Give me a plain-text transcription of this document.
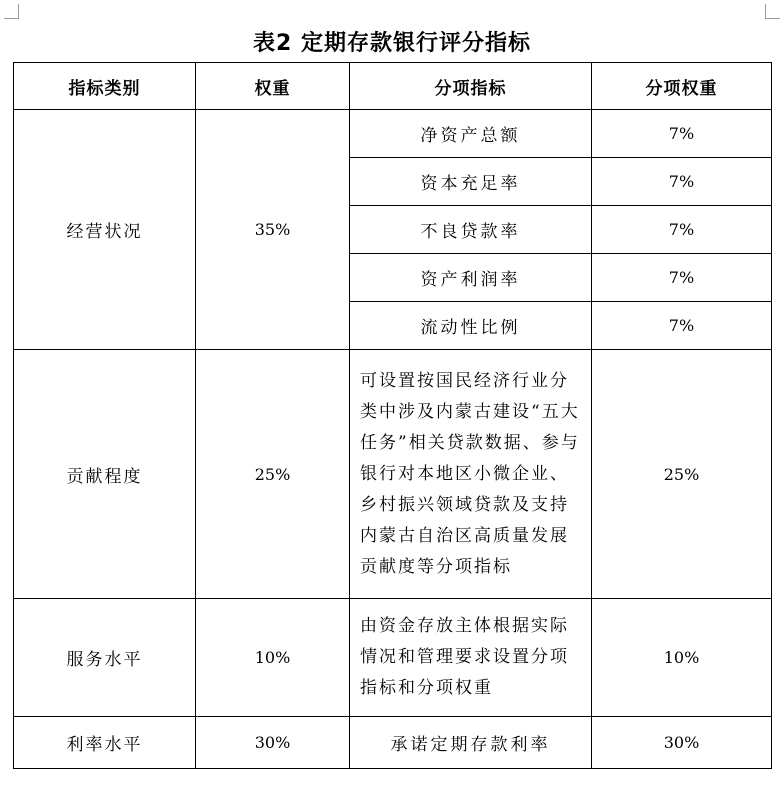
表2 定期存款银行评分指标
指标类别	权重	分项指标	分项权重
经营状况	35%	净资产总额	7%
		资本充足率	7%
		不良贷款率	7%
		资产利润率	7%
		流动性比例	7%
贡献程度	25%	可设置按国民经济行业分类中涉及内蒙古建设“五大任务”相关贷款数据、参与银行对本地区小微企业、乡村振兴领域贷款及支持内蒙古自治区高质量发展贡献度等分项指标	25%
服务水平	10%	由资金存放主体根据实际情况和管理要求设置分项指标和分项权重	10%
利率水平	30%	承诺定期存款利率	30%
